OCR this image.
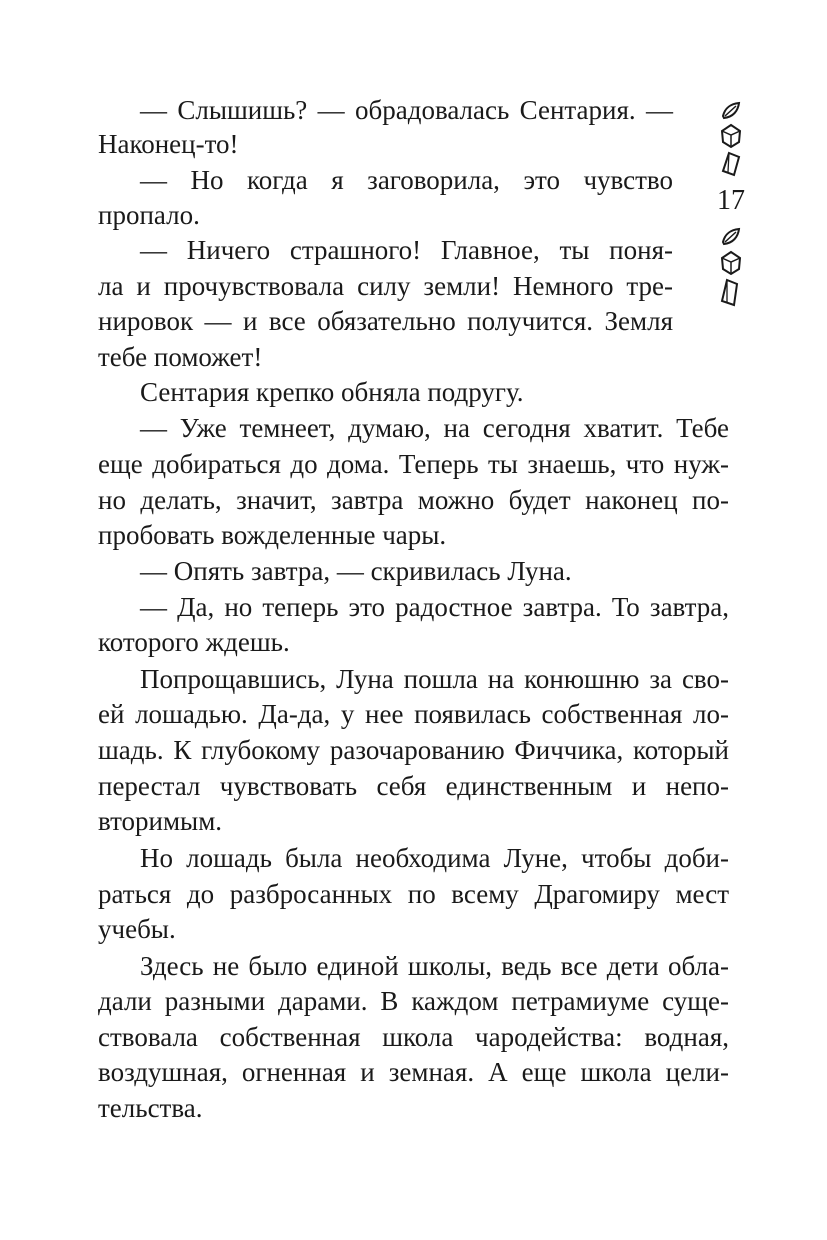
— Слышишь? — обрадовалась Сентария. —
Наконец-то!
— Но когда я заговорила, это чувство
пропало.
— Ничего страшного! Главное, ты поня-
ла и прочувствовала силу земли! Немного тре-
нировок — и все обязательно получится. Земля
тебе поможет!
Сентария крепко обняла подругу.
— Уже темнеет, думаю, на сегодня хватит. Тебе
еще добираться до дома. Теперь ты знаешь, что нуж-
но делать, значит, завтра можно будет наконец по-
пробовать вожделенные чары.
— Опять завтра, — скривилась Луна.
— Да, но теперь это радостное завтра. То завтра,
которого ждешь.
Попрощавшись, Луна пошла на конюшню за сво-
ей лошадью. Да-да, у нее появилась собственная ло-
шадь. К глубокому разочарованию Фиччика, который
перестал чувствовать себя единственным и непо-
вторимым.
Но лошадь была необходима Луне, чтобы доби-
раться до разбросанных по всему Драгомиру мест
учебы.
Здесь не было единой школы, ведь все дети обла-
дали разными дарами. В каждом петрамиуме суще-
ствовала собственная школа чародейства: водная,
воздушная, огненная и земная. А еще школа цели-
тельства.
17
